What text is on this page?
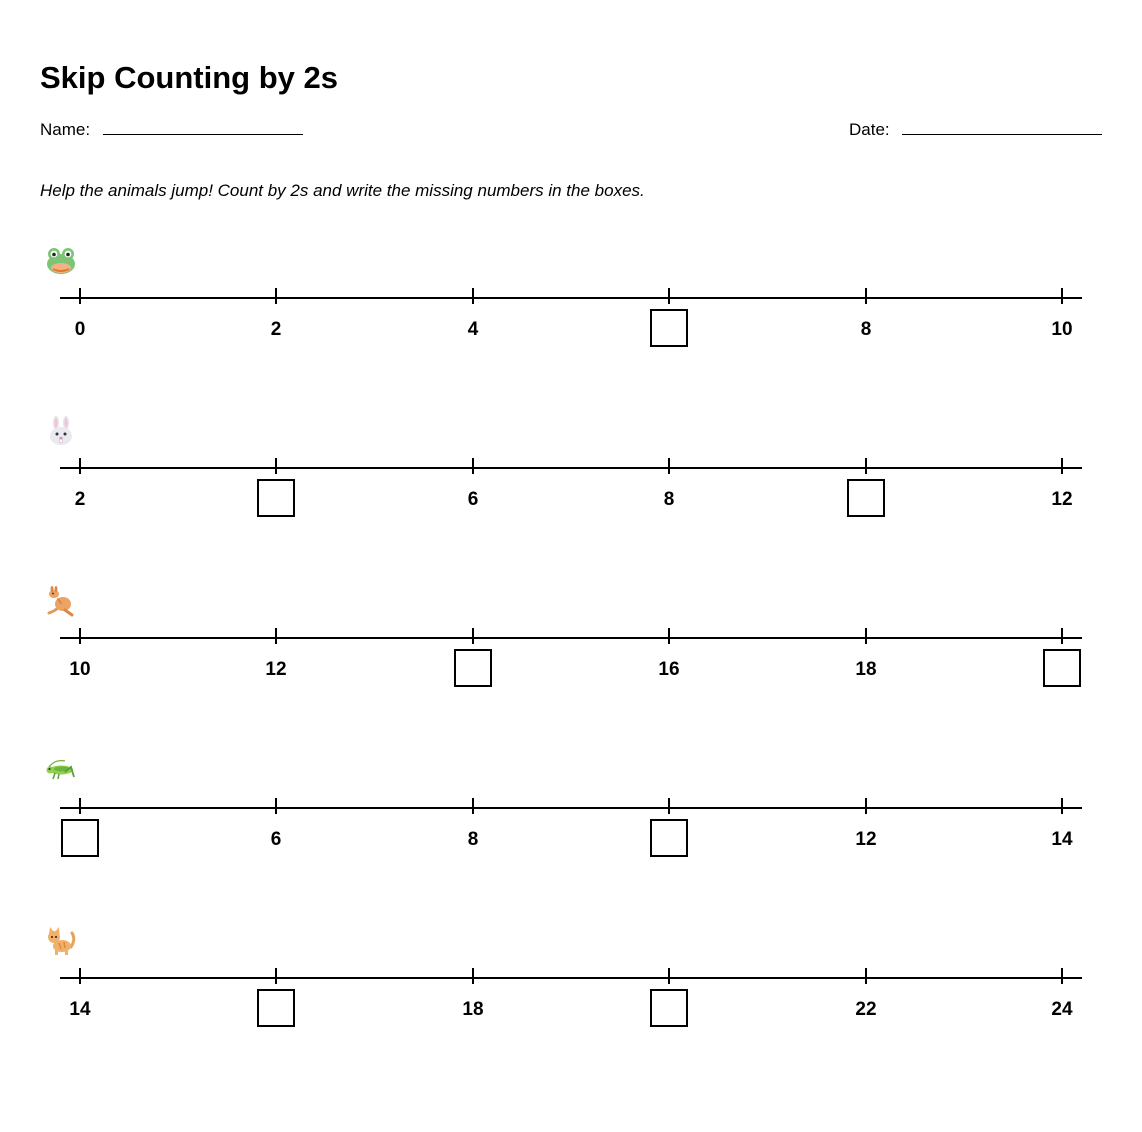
Skip Counting by 2s
Name:	Date:
Help the animals jump! Count by 2s and write the missing numbers in the boxes.
0	2	4	8	10
2	6	8	12
10	12	16	18
6	8	12	14
14	18	22	24
